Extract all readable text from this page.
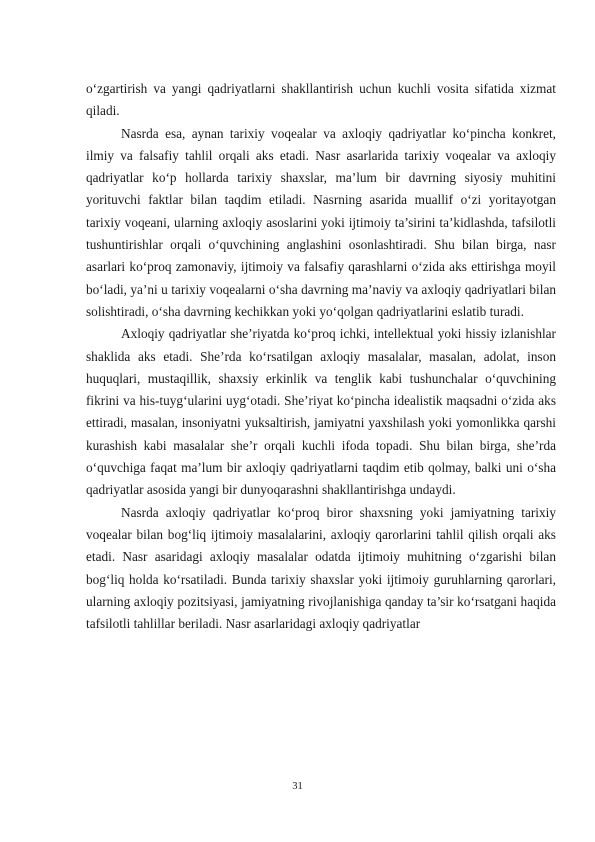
o‘zgartirish va yangi qadriyatlarni shakllantirish uchun kuchli vosita sifatida xizmat qiladi.

Nasrda esa, aynan tarixiy voqealar va axloqiy qadriyatlar ko‘pincha konkret, ilmiy va falsafiy tahlil orqali aks etadi. Nasr asarlarida tarixiy voqealar va axloqiy qadriyatlar ko‘p hollarda tarixiy shaxslar, ma’lum bir davrning siyosiy muhitini yorituvchi faktlar bilan taqdim etiladi. Nasrning asarida muallif o‘zi yoritayotgan tarixiy voqeani, ularning axloqiy asoslarini yoki ijtimoiy ta’sirini ta’kidlashda, tafsilotli tushuntirishlar orqali o‘quvchining anglashini osonlashtiradi. Shu bilan birga, nasr asarlari ko‘proq zamonaviy, ijtimoiy va falsafiy qarashlarni o‘zida aks ettirishga moyil bo‘ladi, ya’ni u tarixiy voqealarni o‘sha davrning ma’naviy va axloqiy qadriyatlari bilan solishtiradi, o‘sha davrning kechikkan yoki yo‘qolgan qadriyatlarini eslatib turadi.

Axloqiy qadriyatlar she’riyatda ko‘proq ichki, intellektual yoki hissiy izlanishlar shaklida aks etadi. She’rda ko‘rsatilgan axloqiy masalalar, masalan, adolat, inson huquqlari, mustaqillik, shaxsiy erkinlik va tenglik kabi tushunchalar o‘quvchining fikrini va his-tuyg‘ularini uyg‘otadi. She’riyat ko‘pincha idealistik maqsadni o‘zida aks ettiradi, masalan, insoniyatni yuksaltirish, jamiyatni yaxshilash yoki yomonlikka qarshi kurashish kabi masalalar she’r orqali kuchli ifoda topadi. Shu bilan birga, she’rda o‘quvchiga faqat ma’lum bir axloqiy qadriyatlarni taqdim etib qolmay, balki uni o‘sha qadriyatlar asosida yangi bir dunyoqarashni shakllantirishga undaydi.

Nasrda axloqiy qadriyatlar ko‘proq biror shaxsning yoki jamiyatning tarixiy voqealar bilan bog‘liq ijtimoiy masalalarini, axloqiy qarorlarini tahlil qilish orqali aks etadi. Nasr asaridagi axloqiy masalalar odatda ijtimoiy muhitning o‘zgarishi bilan bog‘liq holda ko‘rsatiladi. Bunda tarixiy shaxslar yoki ijtimoiy guruhlarning qarorlari, ularning axloqiy pozitsiyasi, jamiyatning rivojlanishiga qanday ta’sir ko‘rsatgani haqida tafsilotli tahlillar beriladi. Nasr asarlaridagi axloqiy qadriyatlar

31
